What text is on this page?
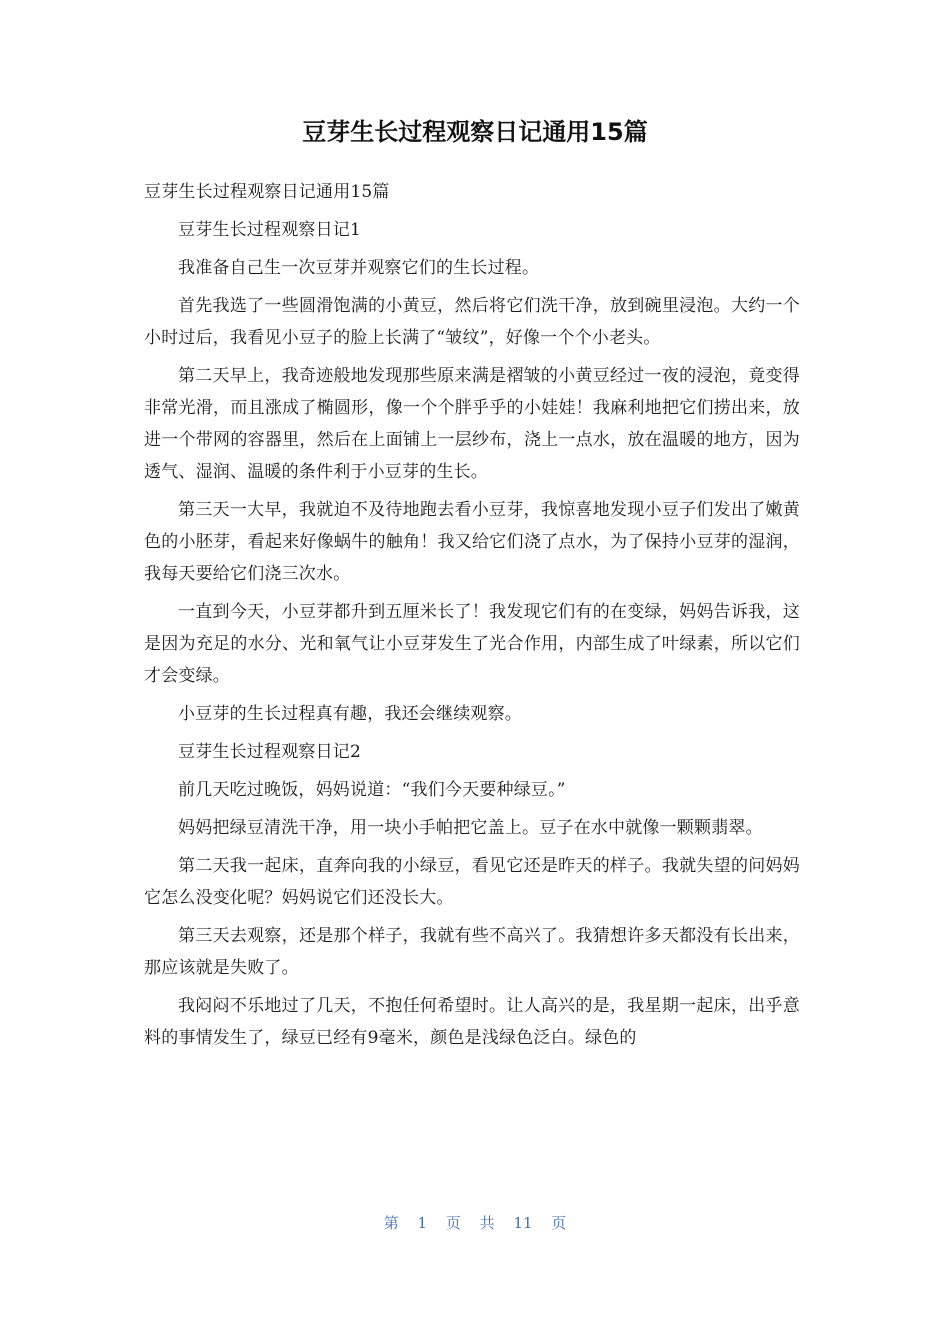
豆芽生长过程观察日记通用15篇

豆芽生长过程观察日记通用15篇

豆芽生长过程观察日记1

我准备自己生一次豆芽并观察它们的生长过程。

首先我选了一些圆滑饱满的小黄豆，然后将它们洗干净，放到碗里浸泡。大约一个小时过后，我看见小豆子的脸上长满了“皱纹”，好像一个个小老头。

第二天早上，我奇迹般地发现那些原来满是褶皱的小黄豆经过一夜的浸泡，竟变得非常光滑，而且涨成了椭圆形，像一个个胖乎乎的小娃娃！我麻利地把它们捞出来，放进一个带网的容器里，然后在上面铺上一层纱布，浇上一点水，放在温暖的地方，因为透气、湿润、温暖的条件利于小豆芽的生长。

第三天一大早，我就迫不及待地跑去看小豆芽，我惊喜地发现小豆子们发出了嫩黄色的小胚芽，看起来好像蜗牛的触角！我又给它们浇了点水，为了保持小豆芽的湿润，我每天要给它们浇三次水。

一直到今天，小豆芽都升到五厘米长了！我发现它们有的在变绿，妈妈告诉我，这是因为充足的水分、光和氧气让小豆芽发生了光合作用，内部生成了叶绿素，所以它们才会变绿。

小豆芽的生长过程真有趣，我还会继续观察。

豆芽生长过程观察日记2

前几天吃过晚饭，妈妈说道：“我们今天要种绿豆。”

妈妈把绿豆清洗干净，用一块小手帕把它盖上。豆子在水中就像一颗颗翡翠。

第二天我一起床，直奔向我的小绿豆，看见它还是昨天的样子。我就失望的问妈妈它怎么没变化呢？妈妈说它们还没长大。

第三天去观察，还是那个样子，我就有些不高兴了。我猜想许多天都没有长出来，那应该就是失败了。

我闷闷不乐地过了几天，不抱任何希望时。让人高兴的是，我星期一起床，出乎意料的事情发生了，绿豆已经有9毫米，颜色是浅绿色泛白。绿色的

第 1 页 共 11 页
